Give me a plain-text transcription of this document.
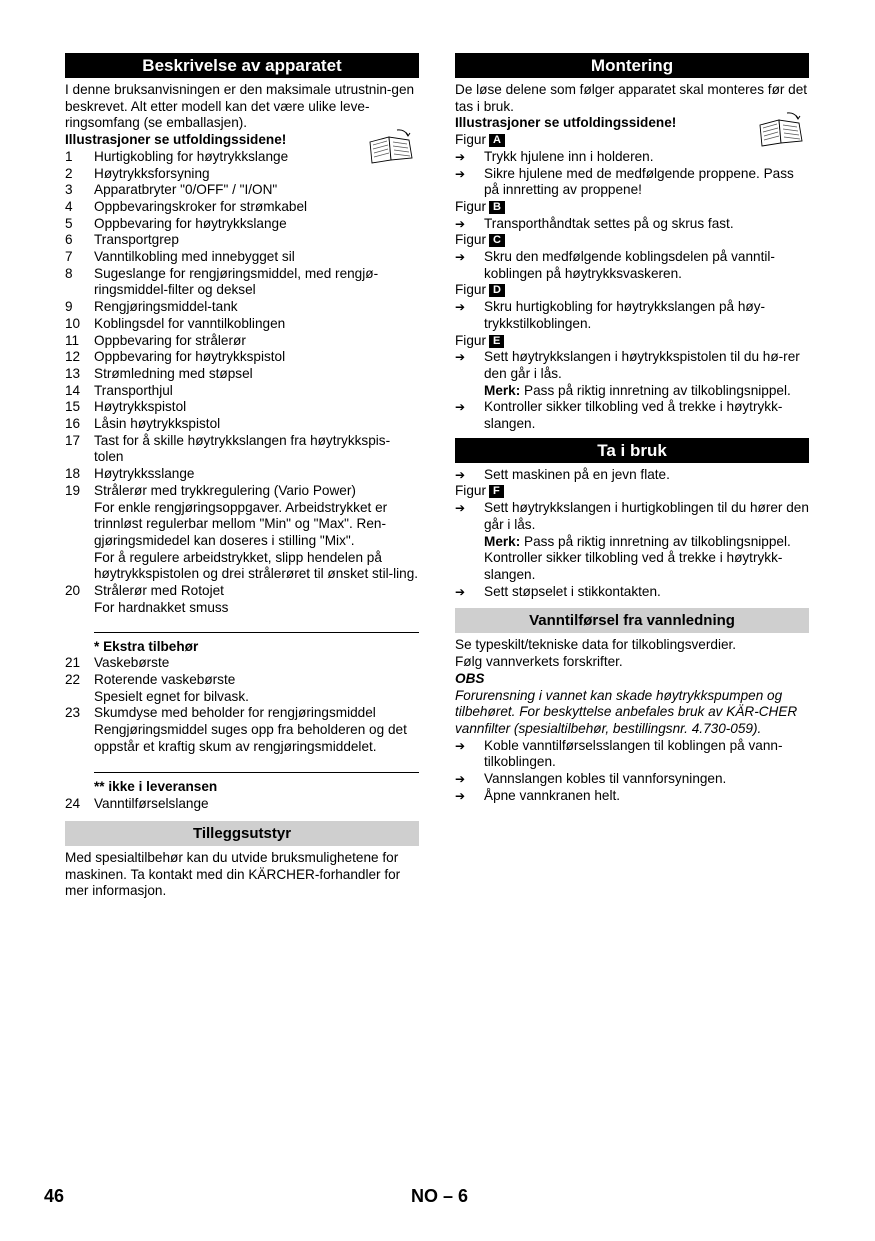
Beskrivelse av apparatet

I denne bruksanvisningen er den maksimale utrustnin-gen beskrevet. Alt etter modell kan det være ulike leve-ringsomfang (se emballasjen).

Illustrasjoner se utfoldingssidene!

1	Hurtigkobling for høytrykkslange
2	Høytrykksforsyning
3	Apparatbryter "0/OFF" / "I/ON"
4	Oppbevaringskroker for strømkabel
5	Oppbevaring for høytrykkslange
6	Transportgrep
7	Vanntilkobling med innebygget sil
8	Sugeslange for rengjøringsmiddel, med rengjø-ringsmiddel-filter og deksel
9	Rengjøringsmiddel-tank
10	Koblingsdel for vanntilkoblingen
11	Oppbevaring for strålerør
12	Oppbevaring for høytrykkspistol
13	Strømledning med støpsel
14	Transporthjul
15	Høytrykkspistol
16	Låsin høytrykkspistol
17	Tast for å skille høytrykkslangen fra høytrykkspis-tolen
18	Høytrykksslange
19	Strålerør med trykkregulering (Vario Power)
For enkle rengjøringsoppgaver. Arbeidstrykket er trinnløst regulerbar mellom "Min" og "Max". Ren-gjøringsmidedel kan doseres i stilling "Mix".
For å regulere arbeidstrykket, slipp hendelen på høytrykkspistolen og drei strålerøret til ønsket stil-ling.
20	Strålerør med Rotojet
For hardnakket smuss

* Ekstra tilbehør

21	Vaskebørste
22	Roterende vaskebørste
Spesielt egnet for bilvask.
23	Skumdyse med beholder for rengjøringsmiddel
Rengjøringsmiddel suges opp fra beholderen og det oppstår et kraftig skum av rengjøringsmiddelet.

** ikke i leveransen

24	Vanntilførselslange
Tilleggsutstyr

Med spesialtilbehør kan du utvide bruksmulighetene for maskinen. Ta kontakt med din KÄRCHER-forhandler for mer informasjon.

Montering

De løse delene som følger apparatet skal monteres før det tas i bruk.

Illustrasjoner se utfoldingssidene!

Figur A

➔	Trykk hjulene inn i holderen.
➔	Sikre hjulene med de medfølgende proppene. Pass på innretting av proppene!

Figur B

➔	Transporthåndtak settes på og skrus fast.

Figur C

➔	Skru den medfølgende koblingsdelen på vanntil-koblingen på høytrykksvaskeren.

Figur D

➔	Skru hurtigkobling for høytrykkslangen på høy-trykkstilkoblingen.

Figur E

➔	Sett høytrykkslangen i høytrykkspistolen til du hø-rer den går i lås.
Merk: Pass på riktig innretning av tilkoblingsnippel.
➔	Kontroller sikker tilkobling ved å trekke i høytrykk-slangen.
Ta i bruk
➔	Sett maskinen på en jevn flate.

Figur F

➔	Sett høytrykkslangen i hurtigkoblingen til du hører den går i lås.
Merk: Pass på riktig innretning av tilkoblingsnippel. Kontroller sikker tilkobling ved å trekke i høytrykk-slangen.
➔	Sett støpselet i stikkontakten.
Vanntilførsel fra vannledning

Se typeskilt/tekniske data for tilkoblingsverdier.

Følg vannverkets forskrifter.

OBS

Forurensning i vannet kan skade høytrykkspumpen og tilbehøret. For beskyttelse anbefales bruk av KÄR-CHER vannfilter (spesialtilbehør, bestillingsnr. 4.730-059).

➔	Koble vanntilførselsslangen til koblingen på vann-tilkoblingen.
➔	Vannslangen kobles til vannforsyningen.
➔	Åpne vannkranen helt.
46	NO – 6
